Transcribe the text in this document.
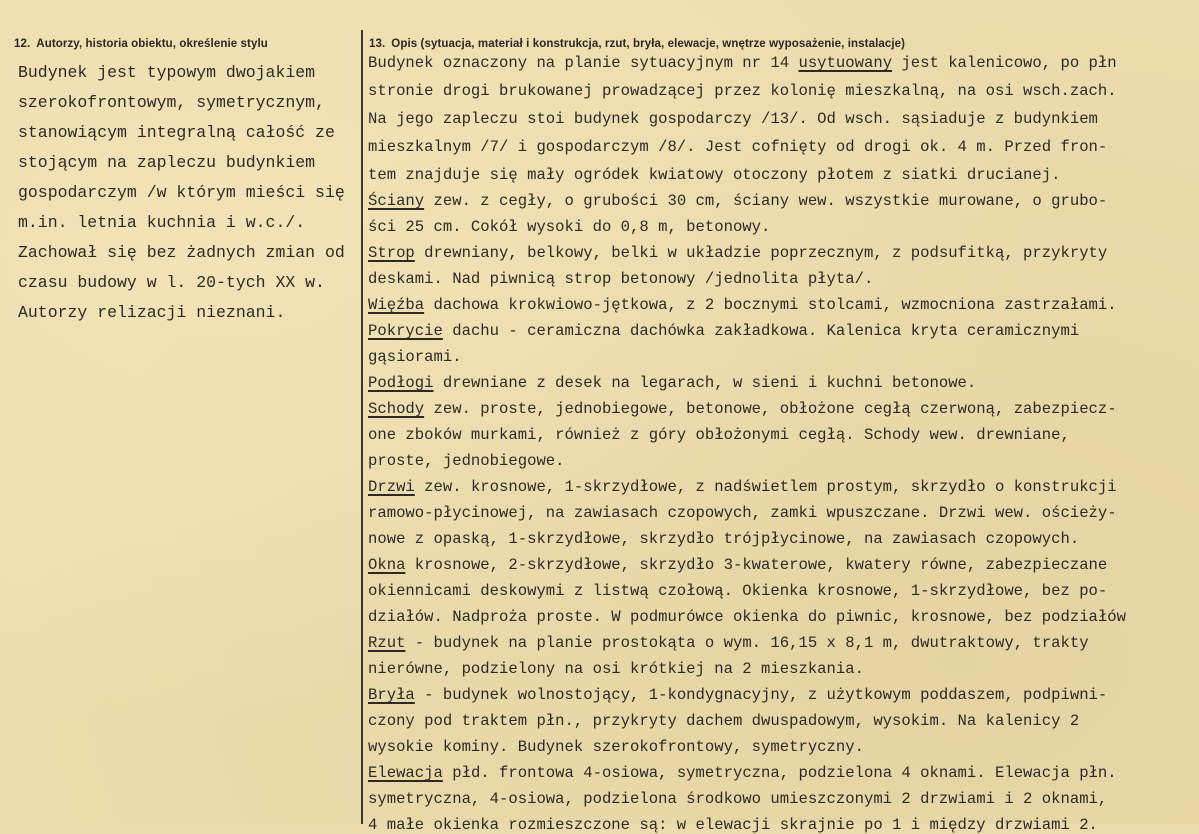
12. Autorzy, historia obiektu, określenie stylu	13. Opis (sytuacja, materiał i konstrukcja, rzut, bryła, elewacje, wnętrze wyposażenie, instalacje)
Budynek jest typowym dwojakiem
szerokofrontowym, symetrycznym,
stanowiącym integralną całość ze
stojącym na zapleczu budynkiem
gospodarczym /w którym mieści się
m.in. letnia kuchnia i w.c./.
Zachował się bez żadnych zmian od
czasu budowy w l. 20-tych XX w.
Autorzy relizacji nieznani.
Budynek oznaczony na planie sytuacyjnym nr 14 usytuowany jest kalenicowo, po płn
stronie drogi brukowanej prowadzącej przez kolonię mieszkalną, na osi wsch.zach.
Na jego zapleczu stoi budynek gospodarczy /13/. Od wsch. sąsiaduje z budynkiem
mieszkalnym /7/ i gospodarczym /8/. Jest cofnięty od drogi ok. 4 m. Przed fron-
tem znajduje się mały ogródek kwiatowy otoczony płotem z siatki drucianej.
Ściany zew. z cegły, o grubości 30 cm, ściany wew. wszystkie murowane, o grubo-
ści 25 cm. Cokół wysoki do 0,8 m, betonowy.
Strop drewniany, belkowy, belki w układzie poprzecznym, z podsufitką, przykryty
deskami. Nad piwnicą strop betonowy /jednolita płyta/.
Więźba dachowa krokwiowo-jętkowa, z 2 bocznymi stolcami, wzmocniona zastrzałami.
Pokrycie dachu - ceramiczna dachówka zakładkowa. Kalenica kryta ceramicznymi
gąsiorami.
Podłogi drewniane z desek na legarach, w sieni i kuchni betonowe.
Schody zew. proste, jednobiegowe, betonowe, obłożone cegłą czerwoną, zabezpiecz-
one zboków murkami, również z góry obłożonymi cegłą. Schody wew. drewniane,
proste, jednobiegowe.
Drzwi zew. krosnowe, 1-skrzydłowe, z nadświetlem prostym, skrzydło o konstrukcji
ramowo-płycinowej, na zawiasach czopowych, zamki wpuszczane. Drzwi wew. ościeży-
nowe z opaską, 1-skrzydłowe, skrzydło trójpłycinowe, na zawiasach czopowych.
Okna krosnowe, 2-skrzydłowe, skrzydło 3-kwaterowe, kwatery równe, zabezpieczane
okiennicami deskowymi z listwą czołową. Okienka krosnowe, 1-skrzydłowe, bez po-
działów. Nadproża proste. W podmurówce okienka do piwnic, krosnowe, bez podziałów
Rzut - budynek na planie prostokąta o wym. 16,15 x 8,1 m, dwutraktowy, trakty
nierówne, podzielony na osi krótkiej na 2 mieszkania.
Bryła - budynek wolnostojący, 1-kondygnacyjny, z użytkowym poddaszem, podpiwni-
czony pod traktem płn., przykryty dachem dwuspadowym, wysokim. Na kalenicy 2
wysokie kominy. Budynek szerokofrontowy, symetryczny.
Elewacja płd. frontowa 4-osiowa, symetryczna, podzielona 4 oknami. Elewacja płn.
symetryczna, 4-osiowa, podzielona środkowo umieszczonymi 2 drzwiami i 2 oknami,
4 małe okienka rozmieszczone są: w elewacji skrajnie po 1 i między drzwiami 2.
